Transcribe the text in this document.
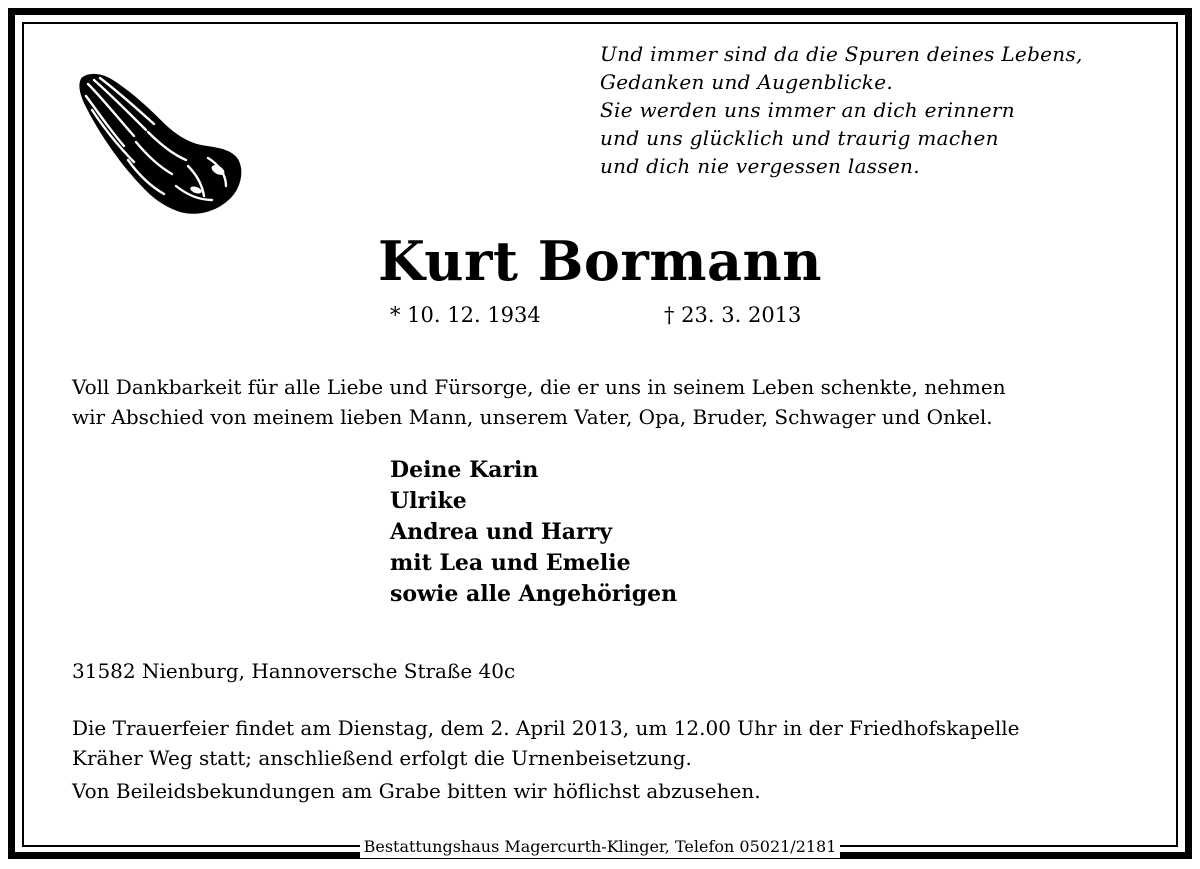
Und immer sind da die Spuren deines Lebens,
Gedanken und Augenblicke.
Sie werden uns immer an dich erinnern
und uns glücklich und traurig machen
und dich nie vergessen lassen.
Kurt Bormann
* 10. 12. 1934	† 23. 3. 2013
Voll Dankbarkeit für alle Liebe und Fürsorge, die er uns in seinem Leben schenkte, nehmen
wir Abschied von meinem lieben Mann, unserem Vater, Opa, Bruder, Schwager und Onkel.
Deine Karin
Ulrike
Andrea und Harry
mit Lea und Emelie
sowie alle Angehörigen
31582 Nienburg, Hannoversche Straße 40c
Die Trauerfeier findet am Dienstag, dem 2. April 2013, um 12.00 Uhr in der Friedhofskapelle
Kräher Weg statt; anschließend erfolgt die Urnenbeisetzung.
Von Beileidsbekundungen am Grabe bitten wir höflichst abzusehen.
Bestattungshaus Magercurth-Klinger, Telefon 05021/2181
